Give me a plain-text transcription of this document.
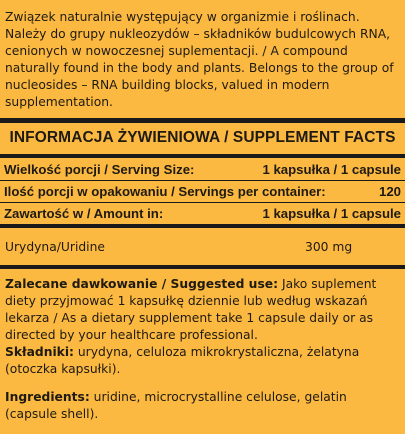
Związek naturalnie występujący w organizmie i roślinach. Należy do grupy nukleozydów – składników budulcowych RNA, cenionych w nowoczesnej suplementacji. / A compound naturally found in the body and plants. Belongs to the group of nucleosides – RNA building blocks, valued in modern supplementation.
INFORMACJA ŻYWIENIOWA / SUPPLEMENT FACTS
Wielkość porcji / Serving Size:	1 kapsułka / 1 capsule
Ilość porcji w opakowaniu / Servings per container:	120
Zawartość w / Amount in:	1 kapsułka / 1 capsule
Urydyna/Uridine	300 mg
Zalecane dawkowanie / Suggested use: Jako suplement diety przyjmować 1 kapsułkę dziennie lub według wskazań lekarza / As a dietary supplement take 1 capsule daily or as directed by your healthcare professional.
Składniki: urydyna, celuloza mikrokrystaliczna, żelatyna (otoczka kapsułki).
Ingredients: uridine, microcrystalline celulose, gelatin (capsule shell).
